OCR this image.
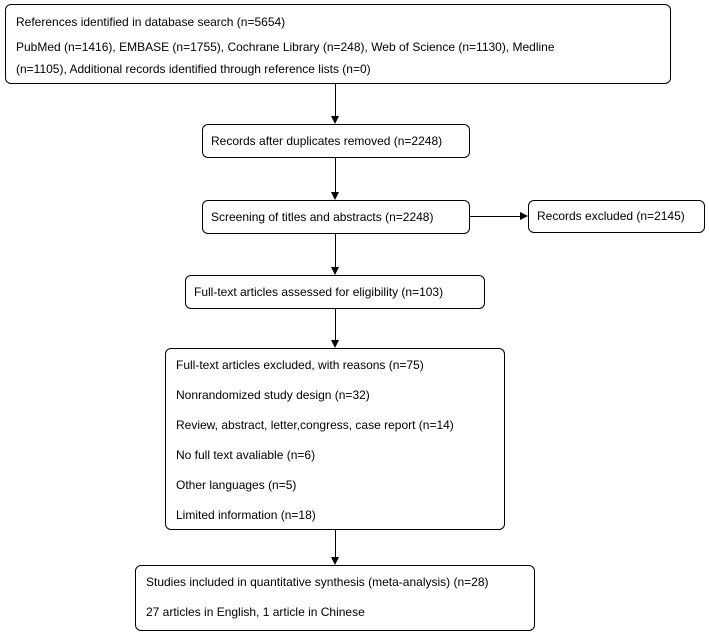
References identified in database search (n=5654)
PubMed (n=1416), EMBASE (n=1755), Cochrane Library (n=248), Web of Science (n=1130), Medline
(n=1105), Additional records identified through reference lists (n=0)
Records after duplicates removed (n=2248)
Screening of titles and abstracts (n=2248)	Records excluded (n=2145)
Full-text articles assessed for eligibility (n=103)
Full-text articles excluded, with reasons (n=75)
Nonrandomized study design (n=32)
Review, abstract, letter,congress, case report (n=14)
No full text avaliable (n=6)
Other languages (n=5)
Limited information (n=18)
Studies included in quantitative synthesis (meta-analysis) (n=28)
27 articles in English, 1 article in Chinese
